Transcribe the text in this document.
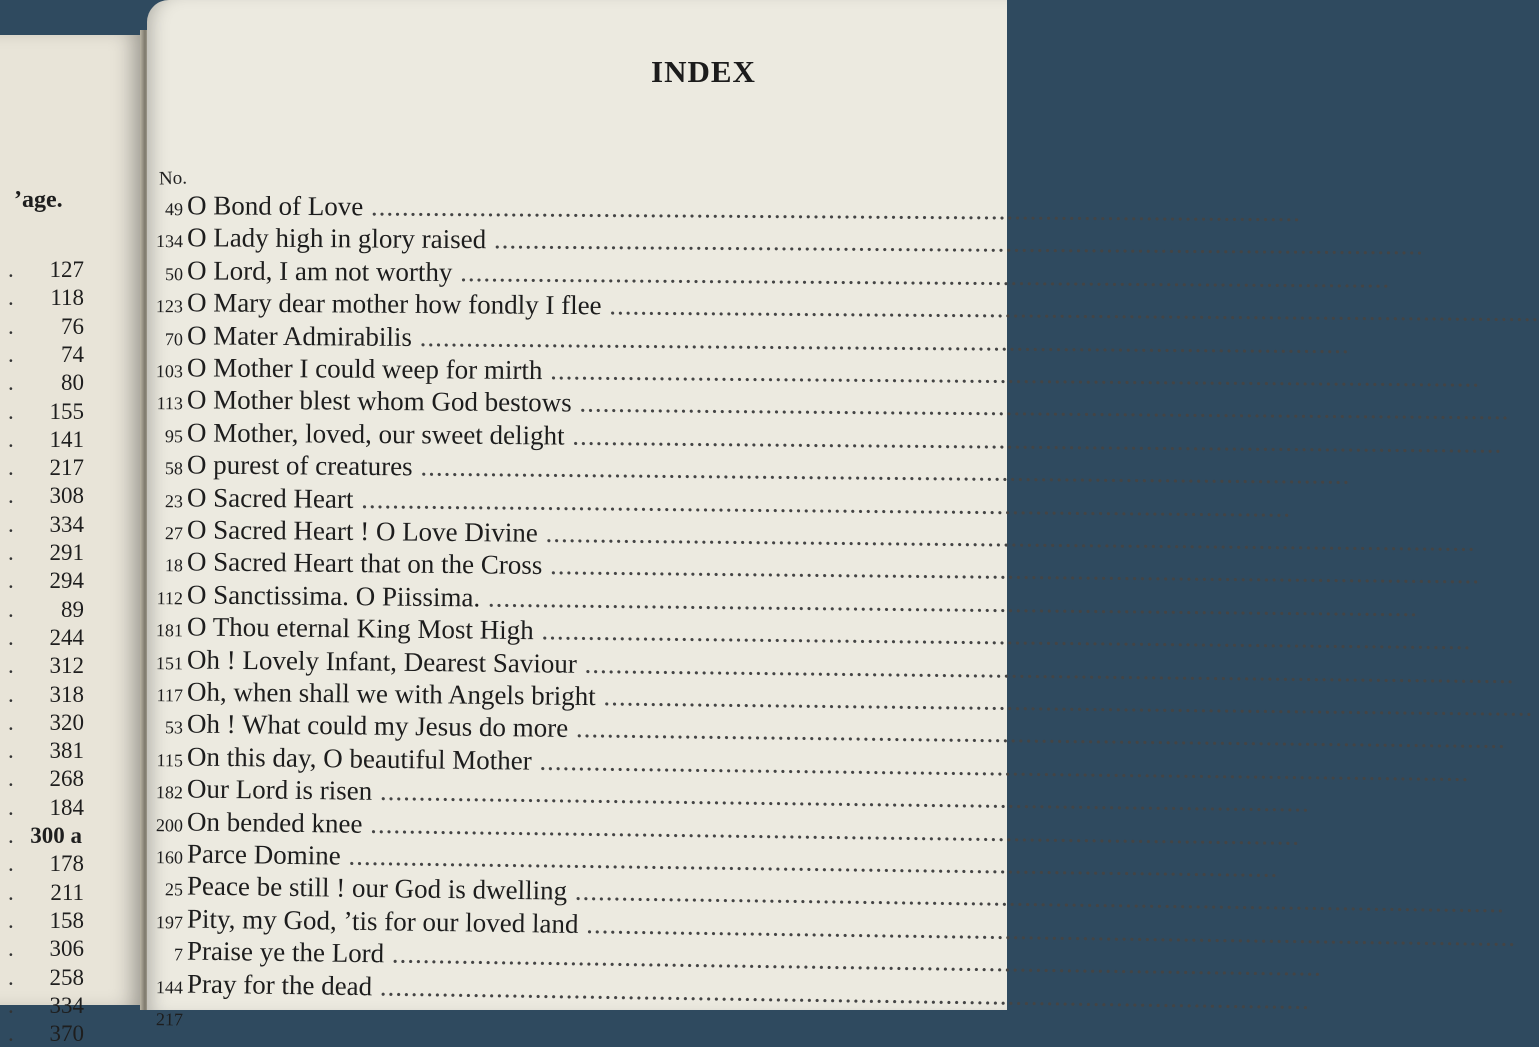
’age.
. 127
. 118
. 76
. 74
. 80
. 155
. 141
. 217
. 308
. 334
. 291
. 294
. 89
. 244
. 312
. 318
. 320
. 381
. 268
. 184
. 300 a
. 178
. 211
. 158
. 306
. 258
. 334
. 370
INDEX
No.
49 O Bond of Love ........................................................................................................................
134 O Lady high in glory raised ........................................................................................................................
50 O Lord, I am not worthy ........................................................................................................................
123 O Mary dear mother how fondly I flee ........................................................................................................................
70 O Mater Admirabilis ........................................................................................................................
103 O Mother I could weep for mirth ........................................................................................................................
113 O Mother blest whom God bestows ........................................................................................................................
95 O Mother, loved, our sweet delight ........................................................................................................................
58 O purest of creatures ........................................................................................................................
23 O Sacred Heart ........................................................................................................................
27 O Sacred Heart ! O Love Divine ........................................................................................................................
18 O Sacred Heart that on the Cross ........................................................................................................................
112 O Sanctissima. O Piissima. ........................................................................................................................
181 O Thou eternal King Most High ........................................................................................................................
151 Oh ! Lovely Infant, Dearest Saviour ........................................................................................................................
117 Oh, when shall we with Angels bright ........................................................................................................................
53 Oh ! What could my Jesus do more ........................................................................................................................
115 On this day, O beautiful Mother ........................................................................................................................
182 Our Lord is risen ........................................................................................................................
200 On bended knee ........................................................................................................................
160 Parce Domine ........................................................................................................................
25 Peace be still ! our God is dwelling ........................................................................................................................
197 Pity, my God, ’tis for our loved land ........................................................................................................................
7 Praise ye the Lord ........................................................................................................................
144 Pray for the dead ........................................................................................................................
217
